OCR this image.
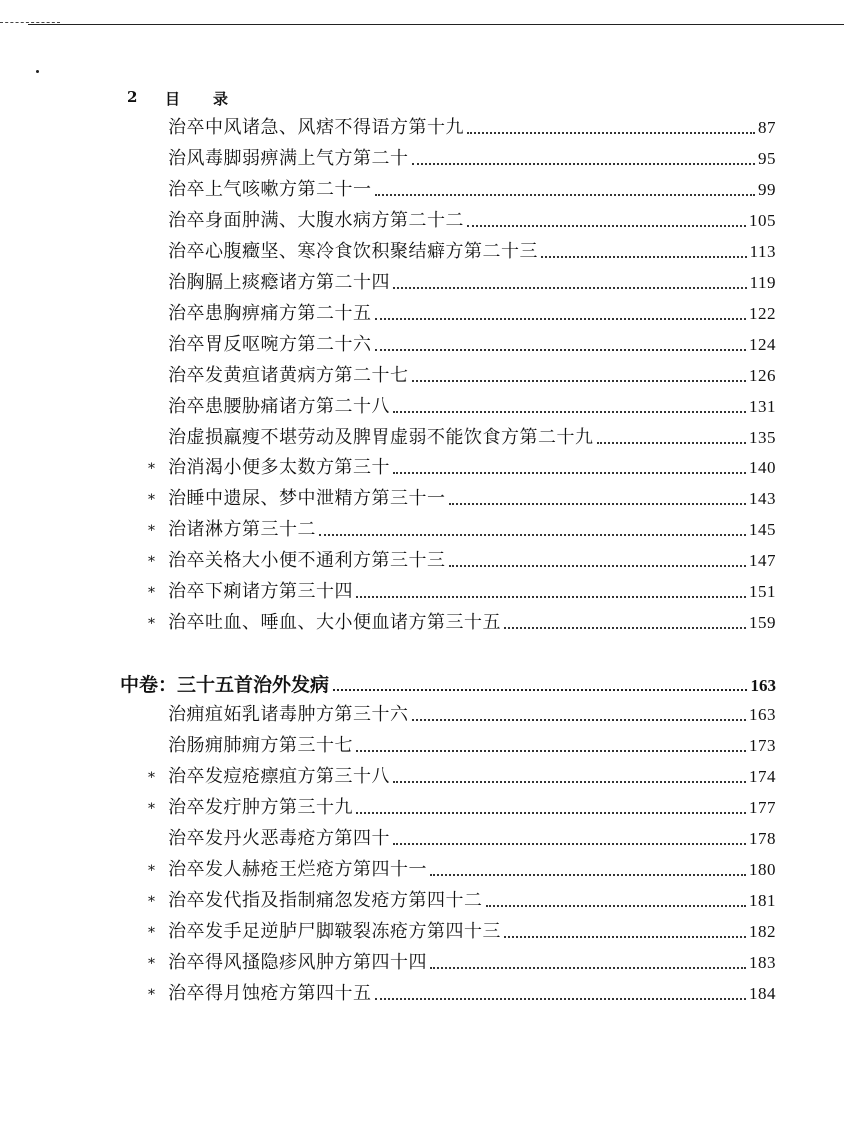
2	目	录
治卒中风诸急、风痞不得语方第十九	87
治风毒脚弱痹满上气方第二十	95
治卒上气咳嗽方第二十一	99
治卒身面肿满、大腹水病方第二十二	105
治卒心腹癥坚、寒冷食饮积聚结癖方第二十三	113
治胸膈上痰癊诸方第二十四	119
治卒患胸痹痛方第二十五	122
治卒胃反呕啘方第二十六	124
治卒发黄疸诸黄病方第二十七	126
治卒患腰胁痛诸方第二十八	131
治虚损羸瘦不堪劳动及脾胃虚弱不能饮食方第二十九	135
* 治消渴小便多太数方第三十	140
* 治睡中遗尿、梦中泄精方第三十一	143
* 治诸淋方第三十二	145
* 治卒关格大小便不通利方第三十三	147
* 治卒下痢诸方第三十四	151
* 治卒吐血、唾血、大小便血诸方第三十五	159
中卷：三十五首治外发病	163
治痈疽妬乳诸毒肿方第三十六	163
治肠痈肺痈方第三十七	173
* 治卒发痘疮瘭疽方第三十八	174
* 治卒发疔肿方第三十九	177
治卒发丹火恶毒疮方第四十	178
* 治卒发人赫疮王烂疮方第四十一	180
* 治卒发代指及指制痛忽发疮方第四十二	181
* 治卒发手足逆胪尸脚皲裂冻疮方第四十三	182
* 治卒得风搔隐疹风肿方第四十四	183
* 治卒得月蚀疮方第四十五	184
